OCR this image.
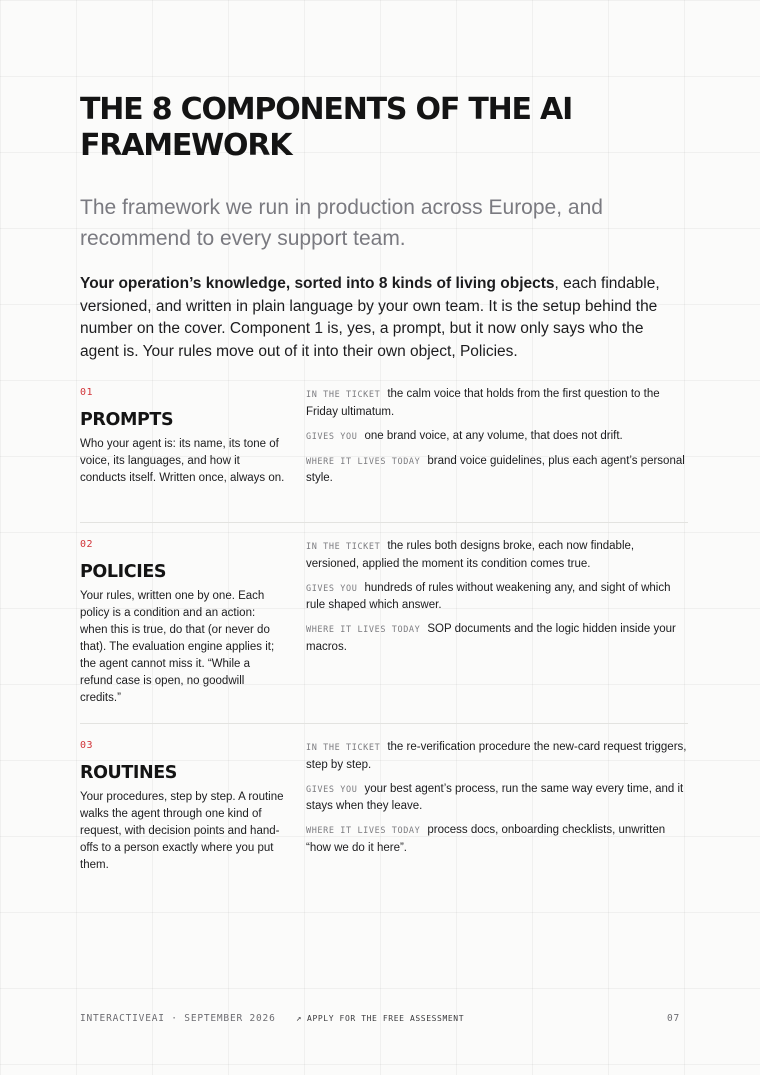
THE 8 COMPONENTS OF THE AI FRAMEWORK

The framework we run in production across Europe, and recommend to every support team.

Your operation’s knowledge, sorted into 8 kinds of living objects, each findable, versioned, and written in plain language by your own team. It is the setup behind the number on the cover. Component 1 is, yes, a prompt, but it now only says who the agent is. Your rules move out of it into their own object, Policies.

01
PROMPTS
Who your agent is: its name, its tone of voice, its languages, and how it conducts itself. Written once, always on.
IN THE TICKET the calm voice that holds from the first question to the Friday ultimatum.
GIVES YOU one brand voice, at any volume, that does not drift.
WHERE IT LIVES TODAY brand voice guidelines, plus each agent’s personal style.
02
POLICIES
Your rules, written one by one. Each policy is a condition and an action: when this is true, do that (or never do that). The evaluation engine applies it; the agent cannot miss it. “While a refund case is open, no goodwill credits.”
IN THE TICKET the rules both designs broke, each now findable, versioned, applied the moment its condition comes true.
GIVES YOU hundreds of rules without weakening any, and sight of which rule shaped which answer.
WHERE IT LIVES TODAY SOP documents and the logic hidden inside your macros.
03
ROUTINES
Your procedures, step by step. A routine walks the agent through one kind of request, with decision points and hand-offs to a person exactly where you put them.
IN THE TICKET the re-verification procedure the new-card request triggers, step by step.
GIVES YOU your best agent’s process, run the same way every time, and it stays when they leave.
WHERE IT LIVES TODAY process docs, onboarding checklists, unwritten “how we do it here”.
INTERACTIVEAI · SEPTEMBER 2026 ↗ APPLY FOR THE FREE ASSESSMENT	07
